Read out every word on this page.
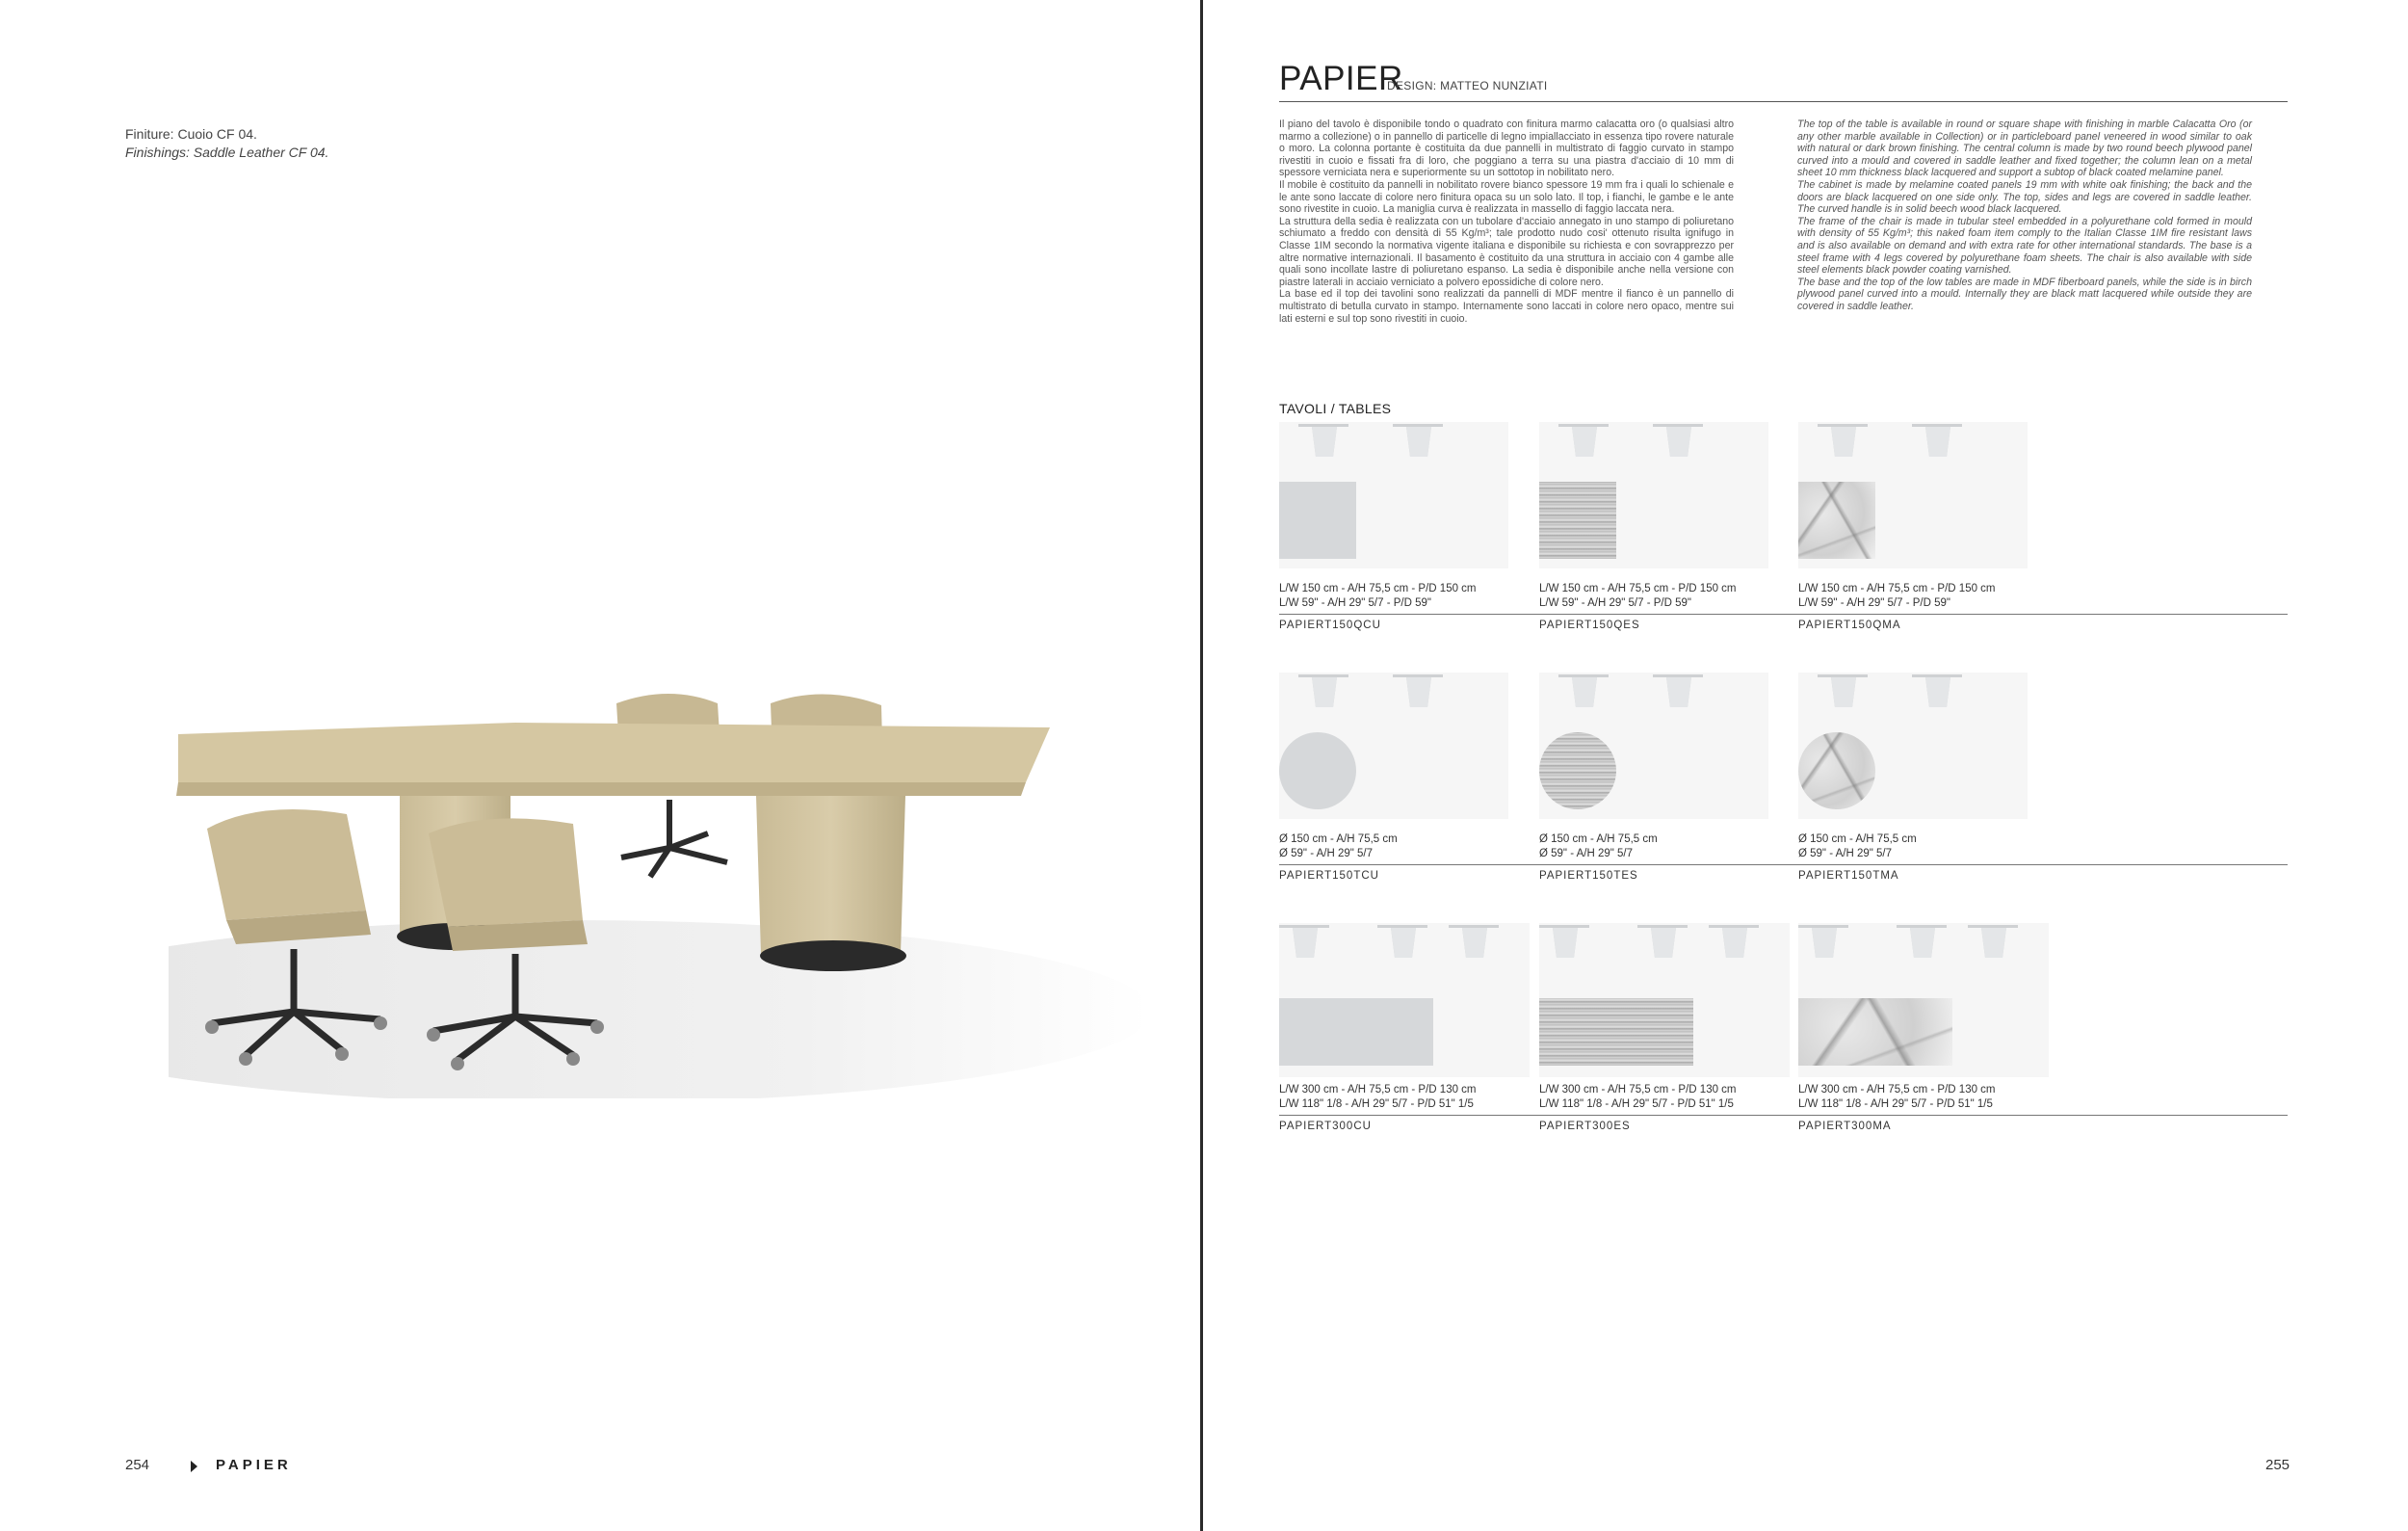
Finiture: Cuoio CF 04.
Finishings: Saddle Leather CF 04.
254	PAPIER
PAPIER
DESIGN: MATTEO NUNZIATI

Il piano del tavolo è disponibile tondo o quadrato con finitura marmo calacatta oro (o qualsiasi altro marmo a collezione) o in pannello di particelle di legno impiallacciato in essenza tipo rovere naturale o moro. La colonna portante è costituita da due pannelli in multistrato di faggio curvato in stampo rivestiti in cuoio e fissati fra di loro, che poggiano a terra su una piastra d'acciaio di 10 mm di spessore verniciata nera e superiormente su un sottotop in nobilitato nero.

Il mobile è costituito da pannelli in nobilitato rovere bianco spessore 19 mm fra i quali lo schienale e le ante sono laccate di colore nero finitura opaca su un solo lato. Il top, i fianchi, le gambe e le ante sono rivestite in cuoio. La maniglia curva è realizzata in massello di faggio laccata nera.

La struttura della sedia è realizzata con un tubolare d'acciaio annegato in uno stampo di poliuretano schiumato a freddo con densità di 55 Kg/m³; tale prodotto nudo cosi' ottenuto risulta ignifugo in Classe 1IM secondo la normativa vigente italiana e disponibile su richiesta e con sovrapprezzo per altre normative internazionali. Il basamento è costituito da una struttura in acciaio con 4 gambe alle quali sono incollate lastre di poliuretano espanso. La sedia è disponibile anche nella versione con piastre laterali in acciaio verniciato a polvero epossidiche di colore nero.

La base ed il top dei tavolini sono realizzati da pannelli di MDF mentre il fianco è un pannello di multistrato di betulla curvato in stampo. Internamente sono laccati in colore nero opaco, mentre sui lati esterni e sul top sono rivestiti in cuoio.

The top of the table is available in round or square shape with finishing in marble Calacatta Oro (or any other marble available in Collection) or in particleboard panel veneered in wood similar to oak with natural or dark brown finishing. The central column is made by two round beech plywood panel curved into a mould and covered in saddle leather and fixed together; the column lean on a metal sheet 10 mm thickness black lacquered and support a subtop of black coated melamine panel.

The cabinet is made by melamine coated panels 19 mm with white oak finishing; the back and the doors are black lacquered on one side only. The top, sides and legs are covered in saddle leather. The curved handle is in solid beech wood black lacquered.

The frame of the chair is made in tubular steel embedded in a polyurethane cold formed in mould with density of 55 Kg/m³; this naked foam item comply to the Italian Classe 1IM fire resistant laws and is also available on demand and with extra rate for other international standards. The base is a steel frame with 4 legs covered by polyurethane foam sheets. The chair is also available with side steel elements black powder coating varnished.

The base and the top of the low tables are made in MDF fiberboard panels, while the side is in birch plywood panel curved into a mould. Internally they are black matt lacquered while outside they are covered in saddle leather.

TAVOLI / TABLES
L/W 150 cm - A/H 75,5 cm - P/D 150 cm
L/W 59" - A/H 29" 5/7 - P/D 59"
PAPIERT150QCU
L/W 150 cm - A/H 75,5 cm - P/D 150 cm
L/W 59" - A/H 29" 5/7 - P/D 59"
PAPIERT150QES
L/W 150 cm - A/H 75,5 cm - P/D 150 cm
L/W 59" - A/H 29" 5/7 - P/D 59"
PAPIERT150QMA
Ø 150 cm - A/H 75,5 cm
Ø 59" - A/H 29" 5/7
PAPIERT150TCU
Ø 150 cm - A/H 75,5 cm
Ø 59" - A/H 29" 5/7
PAPIERT150TES
Ø 150 cm - A/H 75,5 cm
Ø 59" - A/H 29" 5/7
PAPIERT150TMA
L/W 300 cm - A/H 75,5 cm - P/D 130 cm
L/W 118" 1/8 - A/H 29" 5/7 - P/D 51" 1/5
PAPIERT300CU
L/W 300 cm - A/H 75,5 cm - P/D 130 cm
L/W 118" 1/8 - A/H 29" 5/7 - P/D 51" 1/5
PAPIERT300ES
L/W 300 cm - A/H 75,5 cm - P/D 130 cm
L/W 118" 1/8 - A/H 29" 5/7 - P/D 51" 1/5
PAPIERT300MA
255
